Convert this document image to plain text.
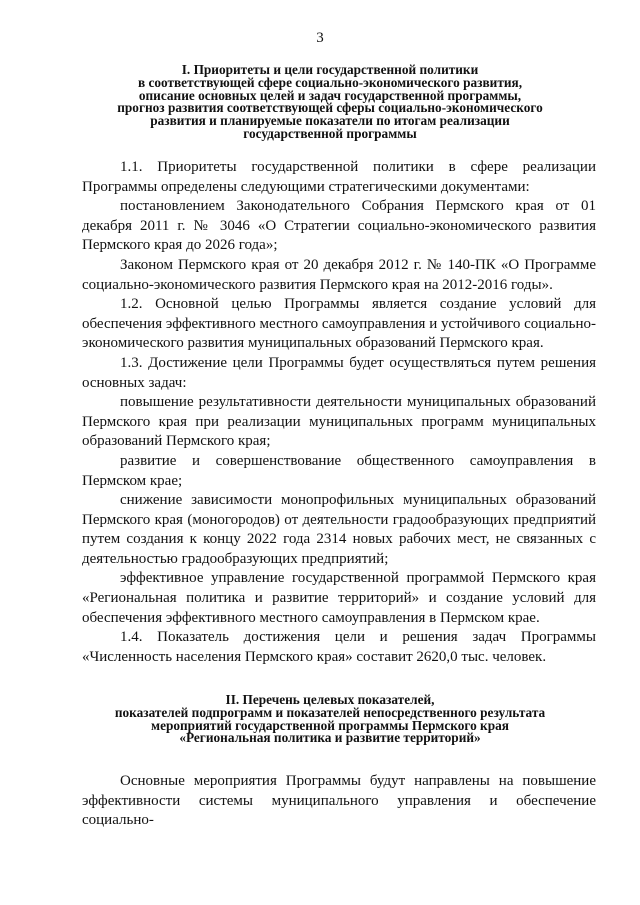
3
I. Приоритеты и цели государственной политики
в соответствующей сфере социально-экономического развития,
описание основных целей и задач государственной программы,
прогноз развития соответствующей сферы социально-экономического
развития и планируемые показатели по итогам реализации
государственной программы

1.1. Приоритеты государственной политики в сфере реализации Программы определены следующими стратегическими документами:

постановлением Законодательного Собрания Пермского края от 01 декабря 2011 г. № 3046 «О Стратегии социально-экономического развития Пермского края до 2026 года»;

Законом Пермского края от 20 декабря 2012 г. № 140-ПК «О Программе социально-экономического развития Пермского края на 2012-2016 годы».

1.2. Основной целью Программы является создание условий для обеспечения эффективного местного самоуправления и устойчивого социально-экономического развития муниципальных образований Пермского края.

1.3. Достижение цели Программы будет осуществляться путем решения основных задач:

повышение результативности деятельности муниципальных образований Пермского края при реализации муниципальных программ муниципальных образований Пермского края;

развитие и совершенствование общественного самоуправления в Пермском крае;

снижение зависимости монопрофильных муниципальных образований Пермского края (моногородов) от деятельности градообразующих предприятий путем создания к концу 2022 года 2314 новых рабочих мест, не связанных с деятельностью градообразующих предприятий;

эффективное управление государственной программой Пермского края «Региональная политика и развитие территорий» и создание условий для обеспечения эффективного местного самоуправления в Пермском крае.

1.4. Показатель достижения цели и решения задач Программы «Численность населения Пермского края» составит 2620,0 тыс. человек.

II. Перечень целевых показателей,
показателей подпрограмм и показателей непосредственного результата
мероприятий государственной программы Пермского края
«Региональная политика и развитие территорий»

Основные мероприятия Программы будут направлены на повышение эффективности системы муниципального управления и обеспечение социально-
